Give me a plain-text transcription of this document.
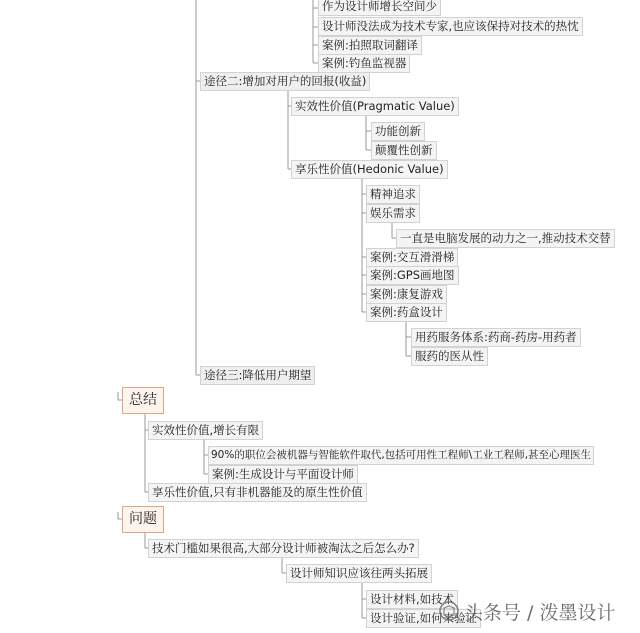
作为设计师增长空间少
设计师没法成为技术专家,也应该保持对技术的热忱
案例:拍照取词翻译
案例:钓鱼监视器
途径二:增加对用户的回报(收益)
实效性价值(Pragmatic Value)
功能创新
颠覆性创新
享乐性价值(Hedonic Value)
精神追求
娱乐需求
一直是电脑发展的动力之一,推动技术交替
案例:交互滑滑梯
案例:GPS画地图
案例:康复游戏
案例:药盒设计
用药服务体系:药商-药房-用药者
服药的医从性
途径三:降低用户期望
总结
实效性价值,增长有限
90%的职位会被机器与智能软件取代,包括可用性工程师\工业工程师,甚至心理医生
案例:生成设计与平面设计师
享乐性价值,只有非机器能及的原生性价值
问题
技术门槛如果很高,大部分设计师被淘汰之后怎么办?
设计师知识应该往两头拓展
设计材料,如技术
设计验证,如何来验证
头条号 / 泼墨设计
